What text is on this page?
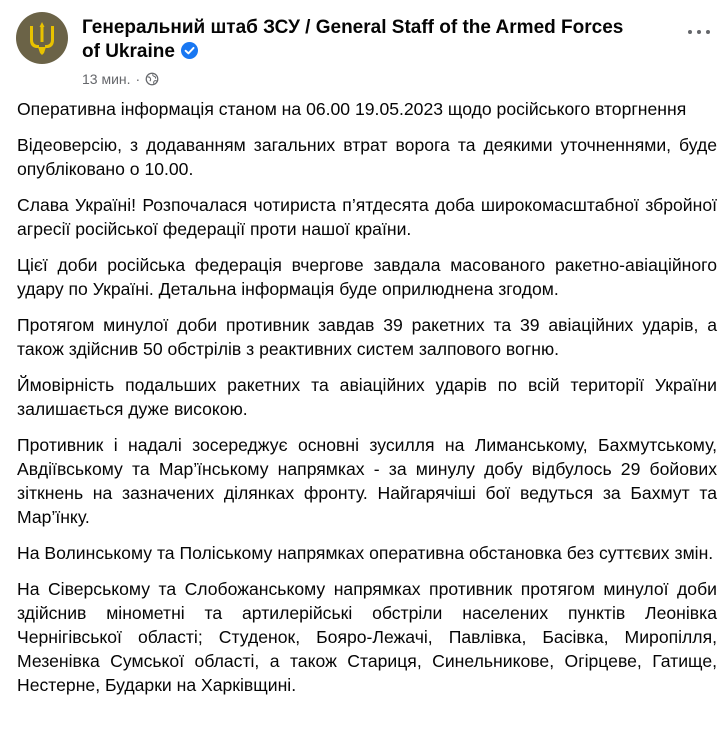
Генеральний штаб ЗСУ / General Staff of the Armed Forces of Ukraine
13 мин. ·

Оперативна інформація станом на 06.00 19.05.2023 щодо російського вторгнення

Відеоверсію, з додаванням загальних втрат ворога та деякими уточненнями, буде опубліковано о 10.00.

Слава Україні! Розпочалася чотириста п’ятдесята доба широкомасштабної збройної агресії російської федерації проти нашої країни.

Цієї доби російська федерація вчергове завдала масованого ракетно-авіаційного удару по Україні. Детальна інформація буде оприлюднена згодом.

Протягом минулої доби противник завдав 39 ракетних та 39 авіаційних ударів, а також здійснив 50 обстрілів з реактивних систем залпового вогню.

Ймовірність подальших ракетних та авіаційних ударів по всій території України залишається дуже високою.

Противник і надалі зосереджує основні зусилля на Лиманському, Бахмутському, Авдіївському та Мар’їнському напрямках - за минулу добу відбулось 29 бойових зіткнень на зазначених ділянках фронту. Найгарячіші бої ведуться за Бахмут та Мар’їнку.

На Волинському та Поліському напрямках оперативна обстановка без суттєвих змін.

На Сіверському та Слобожанському напрямках противник протягом минулої доби здійснив мінометні та артилерійські обстріли населених пунктів Леонівка Чернігівської області; Студенок, Бояро-Лежачі, Павлівка, Басівка, Миропілля, Мезенівка Сумської області, а також Стариця, Синельникове, Огірцеве, Гатище, Нестерне, Бударки на Харківщині.
